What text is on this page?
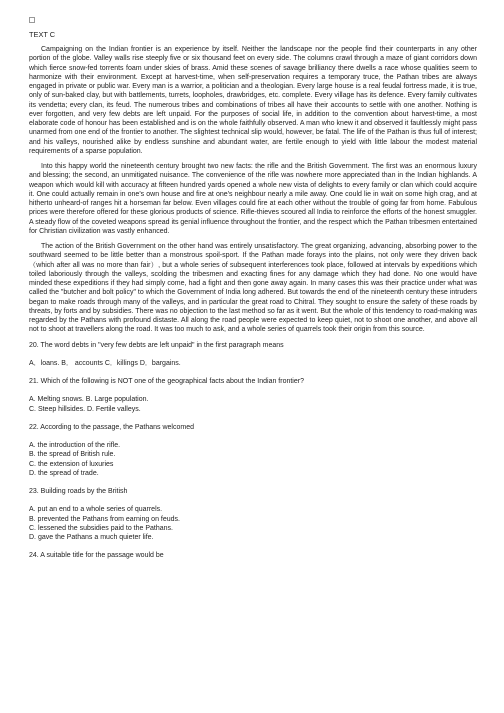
TEXT C

Campaigning on the Indian frontier is an experience by itself. Neither the landscape nor the people find their counterparts in any other portion of the globe. Valley walls rise steeply five or six thousand feet on every side. The columns crawl through a maze of giant corridors down which fierce snow-fed torrents foam under skies of brass. Amid these scenes of savage brilliancy there dwells a race whose qualities seem to harmonize with their environment. Except at harvest-time, when self-preservation requires a temporary truce, the Pathan tribes are always engaged in private or public war. Every man is a warrior, a politician and a theologian. Every large house is a real feudal fortress made, it is true, only of sun-baked clay, but with battlements, turrets, loopholes, drawbridges, etc. complete. Every village has its defence. Every family cultivates its vendetta; every clan, its feud. The numerous tribes and combinations of tribes all have their accounts to settle with one another. Nothing is ever forgotten, and very few debts are left unpaid. For the purposes of social life, in addition to the convention about harvest-time, a most elaborate code of honour has been established and is on the whole faithfully observed. A man who knew it and observed it faultlessly might pass unarmed from one end of the frontier to another. The slightest technical slip would, however, be fatal. The life of the Pathan is thus full of interest; and his valleys, nourished alike by endless sunshine and abundant water, are fertile enough to yield with little labour the modest material requirements of a sparse population.

Into this happy world the nineteenth century brought two new facts: the rifle and the British Government. The first was an enormous luxury and blessing; the second, an unmitigated nuisance. The convenience of the rifle was nowhere more appreciated than in the Indian highlands. A weapon which would kill with accuracy at fifteen hundred yards opened a whole new vista of delights to every family or clan which could acquire it. One could actually remain in one's own house and fire at one's neighbour nearly a mile away. One could lie in wait on some high crag, and at hitherto unheard-of ranges hit a horseman far below. Even villages could fire at each other without the trouble of going far from home. Fabulous prices were therefore offered for these glorious products of science. Rifle-thieves scoured all India to reinforce the efforts of the honest smuggler. A steady flow of the coveted weapons spread its genial influence throughout the frontier, and the respect which the Pathan tribesmen entertained for Christian civilization was vastly enhanced.

The action of the British Government on the other hand was entirely unsatisfactory. The great organizing, advancing, absorbing power to the southward seemed to be little better than a monstrous spoil-sport. If the Pathan made forays into the plains, not only were they driven back （which after all was no more than fair）, but a whole series of subsequent interferences took place, followed at intervals by expeditions which toiled laboriously through the valleys, scolding the tribesmen and exacting fines for any damage which they had done. No one would have minded these expeditions if they had simply come, had a fight and then gone away again. In many cases this was their practice under what was called the "butcher and bolt policy" to which the Government of India long adhered. But towards the end of the nineteenth century these intruders began to make roads through many of the valleys, and in particular the great road to Chitral. They sought to ensure the safety of these roads by threats, by forts and by subsidies. There was no objection to the last method so far as it went. But the whole of this tendency to road-making was regarded by the Pathans with profound distaste. All along the road people were expected to keep quiet, not to shoot one another, and above all not to shoot at travellers along the road. It was too much to ask, and a whole series of quarrels took their origin from this source.

20. The word debts in "very few debts are left unpaid" in the first paragraph means
A．loans. B． accounts C．killings D．bargains.
21. Which of the following is NOT one of the geographical facts about the Indian frontier?
A. Melting snows. B. Large population.
C. Steep hillsides. D. Fertile valleys.
22. According to the passage, the Pathans welcomed
A. the introduction of the rifle.
B. the spread of British rule.
C. the extension of luxuries
D. the spread of trade.
23. Building roads by the British
A. put an end to a whole series of quarrels.
B. prevented the Pathans from earning on feuds.
C. lessened the subsidies paid to the Pathans.
D. gave the Pathans a much quieter life.
24. A suitable title for the passage would be
